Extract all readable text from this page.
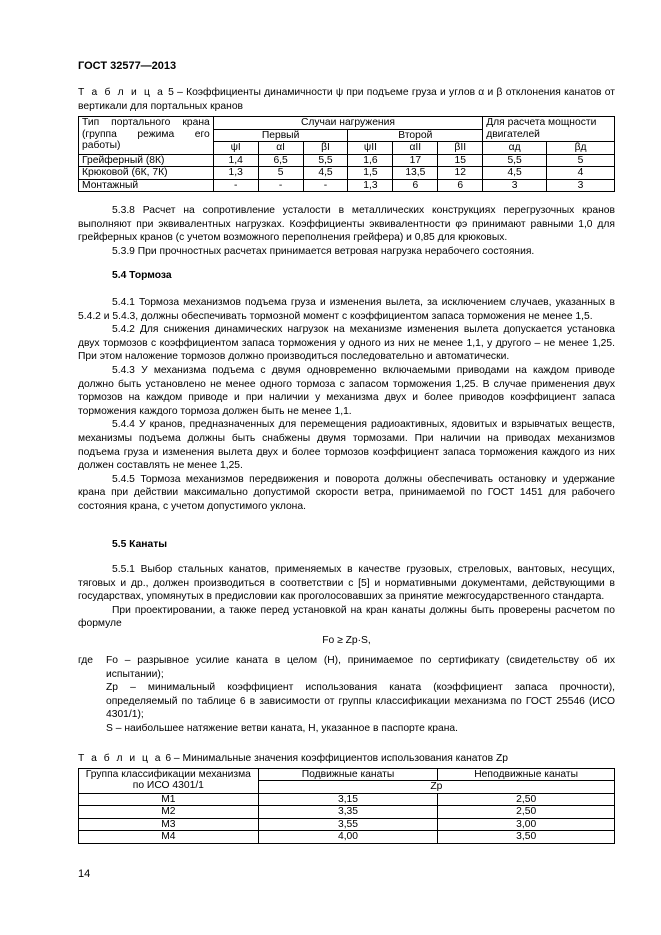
ГОСТ 32577—2013

Т а б л и ц а 5 – Коэффициенты динамичности ψ при подъеме груза и углов α и β отклонения канатов от вертикали для портальных кранов

Тип портального крана (группа режима его работы)	Случаи нагружения						Для расчета мощности двигателей	
	Первый			Второй				
	ψI	αI	βI	ψII	αII	βII	αд	βд
Грейферный (8К)	1,4	6,5	5,5	1,6	17	15	5,5	5
Крюковой (6К, 7К)	1,3	5	4,5	1,5	13,5	12	4,5	4
Монтажный	-	-	-	1,3	6	6	3	3

5.3.8 Расчет на сопротивление усталости в металлических конструкциях перегрузочных кранов выполняют при эквивалентных нагрузках. Коэффициенты эквивалентности φэ принимают равными 1,0 для грейферных кранов (с учетом возможного переполнения грейфера) и 0,85 для крюковых.

5.3.9 При прочностных расчетах принимается ветровая нагрузка нерабочего состояния.

5.4 Тормоза

5.4.1 Тормоза механизмов подъема груза и изменения вылета, за исключением случаев, указанных в 5.4.2 и 5.4.3, должны обеспечивать тормозной момент с коэффициентом запаса торможения не менее 1,5.

5.4.2 Для снижения динамических нагрузок на механизме изменения вылета допускается установка двух тормозов с коэффициентом запаса торможения у одного из них не менее 1,1, у другого – не менее 1,25. При этом наложение тормозов должно производиться последовательно и автоматически.

5.4.3 У механизма подъема с двумя одновременно включаемыми приводами на каждом приводе должно быть установлено не менее одного тормоза с запасом торможения 1,25. В случае применения двух тормозов на каждом приводе и при наличии у механизма двух и более приводов коэффициент запаса торможения каждого тормоза должен быть не менее 1,1.

5.4.4 У кранов, предназначенных для перемещения радиоактивных, ядовитых и взрывчатых веществ, механизмы подъема должны быть снабжены двумя тормозами. При наличии на приводах механизмов подъема груза и изменения вылета двух и более тормозов коэффициент запаса торможения каждого из них должен составлять не менее 1,25.

5.4.5 Тормоза механизмов передвижения и поворота должны обеспечивать остановку и удержание крана при действии максимально допустимой скорости ветра, принимаемой по ГОСТ 1451 для рабочего состояния крана, с учетом допустимого уклона.

5.5 Канаты

5.5.1 Выбор стальных канатов, применяемых в качестве грузовых, стреловых, вантовых, несущих, тяговых и др., должен производиться в соответствии с [5] и нормативными документами, действующими в государствах, упомянутых в предисловии как проголосовавших за принятие межгосударственного стандарта.

При проектировании, а также перед установкой на кран канаты должны быть проверены расчетом по формуле

Fо ≥ Zp·S,

где	Fо – разрывное усилие каната в целом (Н), принимаемое по сертификату (свидетельству об их испытании);
Zp – минимальный коэффициент использования каната (коэффициент запаса прочности), определяемый по таблице 6 в зависимости от группы классификации механизма по ГОСТ 25546 (ИСО 4301/1);
S – наибольшее натяжение ветви каната, Н, указанное в паспорте крана.

Т а б л и ц а 6 – Минимальные значения коэффициентов использования канатов Zp

Группа классификации механизма по ИСО 4301/1	Подвижные канаты	Неподвижные канаты
	Zp	
M1	3,15	2,50
M2	3,35	2,50
M3	3,55	3,00
M4	4,00	3,50
14
